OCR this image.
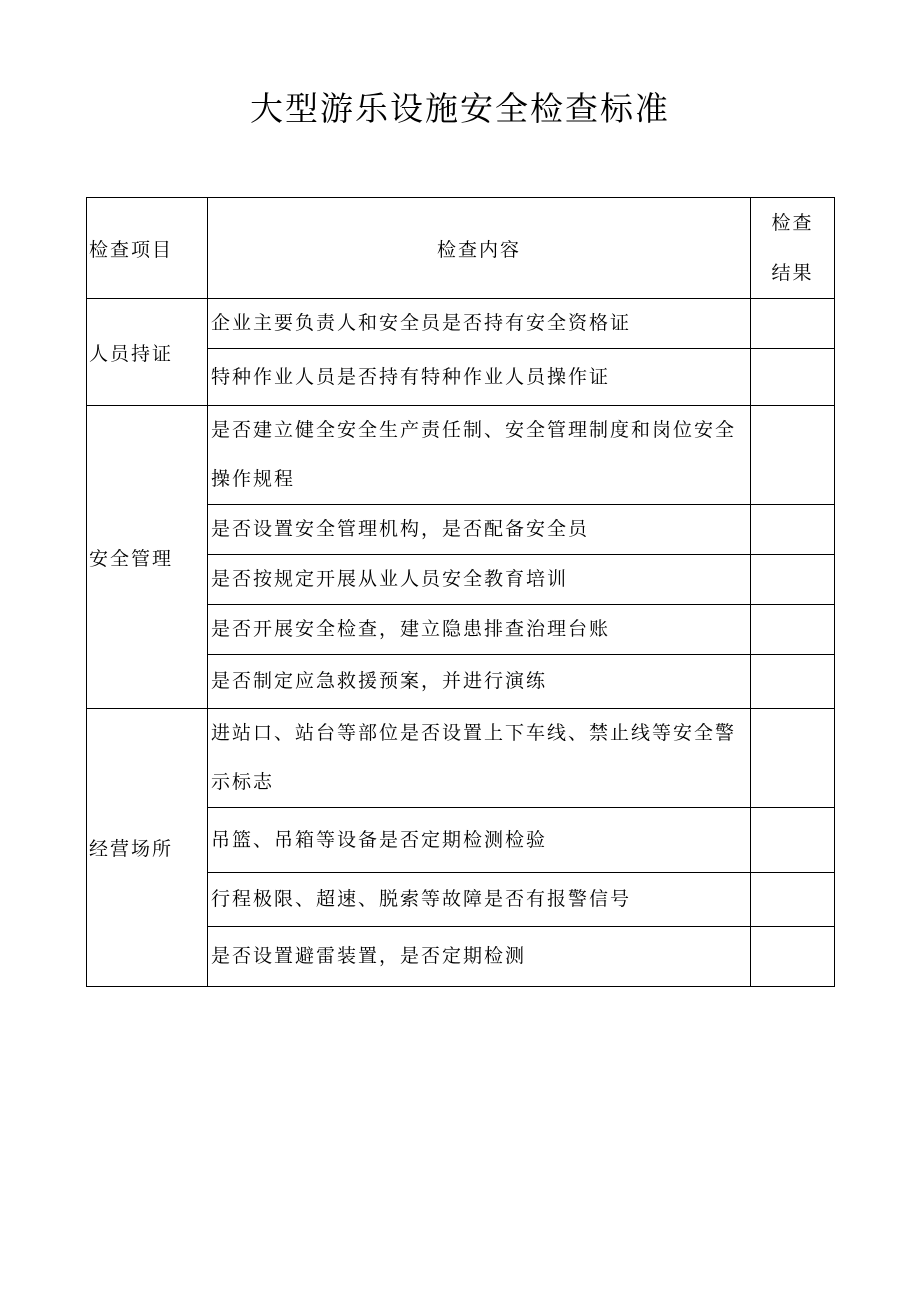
大型游乐设施安全检查标准
检查项目	检查内容	检查
结果

人员持证	企业主要负责人和安全员是否持有安全资格证	
	特种作业人员是否持有特种作业人员操作证	
安全管理	是否建立健全安全生产责任制、安全管理制度和岗位安全操作规程	
	是否设置安全管理机构，是否配备安全员	
	是否按规定开展从业人员安全教育培训	
	是否开展安全检查，建立隐患排查治理台账	
	是否制定应急救援预案，并进行演练	
经营场所	进站口、站台等部位是否设置上下车线、禁止线等安全警示标志	
	吊篮、吊箱等设备是否定期检测检验	
	行程极限、超速、脱索等故障是否有报警信号	
	是否设置避雷装置，是否定期检测	
